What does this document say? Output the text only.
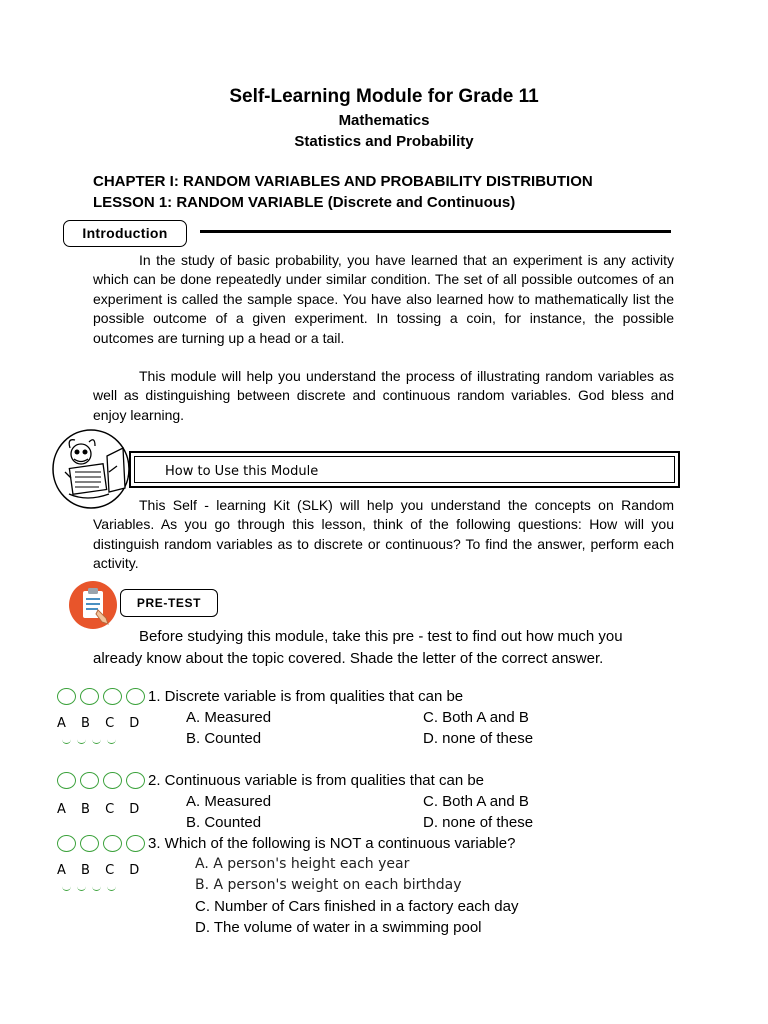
Self-Learning Module for Grade 11
Mathematics
Statistics and Probability
CHAPTER I: RANDOM VARIABLES AND PROBABILITY DISTRIBUTION
LESSON 1: RANDOM VARIABLE (Discrete and Continuous)
Introduction
In the study of basic probability, you have learned that an experiment is any activity which can be done repeatedly under similar condition. The set of all possible outcomes of an experiment is called the sample space. You have also learned how to mathematically list the possible outcome of a given experiment. In tossing a coin, for instance, the possible outcomes are turning up a head or a tail.
This module will help you understand the process of illustrating random variables as well as distinguishing between discrete and continuous random variables. God bless and enjoy learning.
How to Use this Module
This Self - learning Kit (SLK) will help you understand the concepts on Random Variables. As you go through this lesson, think of the following questions: How will you distinguish random variables as to discrete or continuous? To find the answer, perform each activity.
PRE-TEST
Before studying this module, take this pre - test to find out how much you already know about the topic covered. Shade the letter of the correct answer.
A B C D
1. Discrete variable is from qualities that can be
A. Measured	C. Both A and B
B. Counted	D. none of these
A B C D
2. Continuous variable is from qualities that can be
A. Measured	C. Both A and B
B. Counted	D. none of these
A B C D
3. Which of the following is NOT a continuous variable?
A. A person's height each year
B. A person's weight on each birthday
C. Number of Cars finished in a factory each day
D. The volume of water in a swimming pool
